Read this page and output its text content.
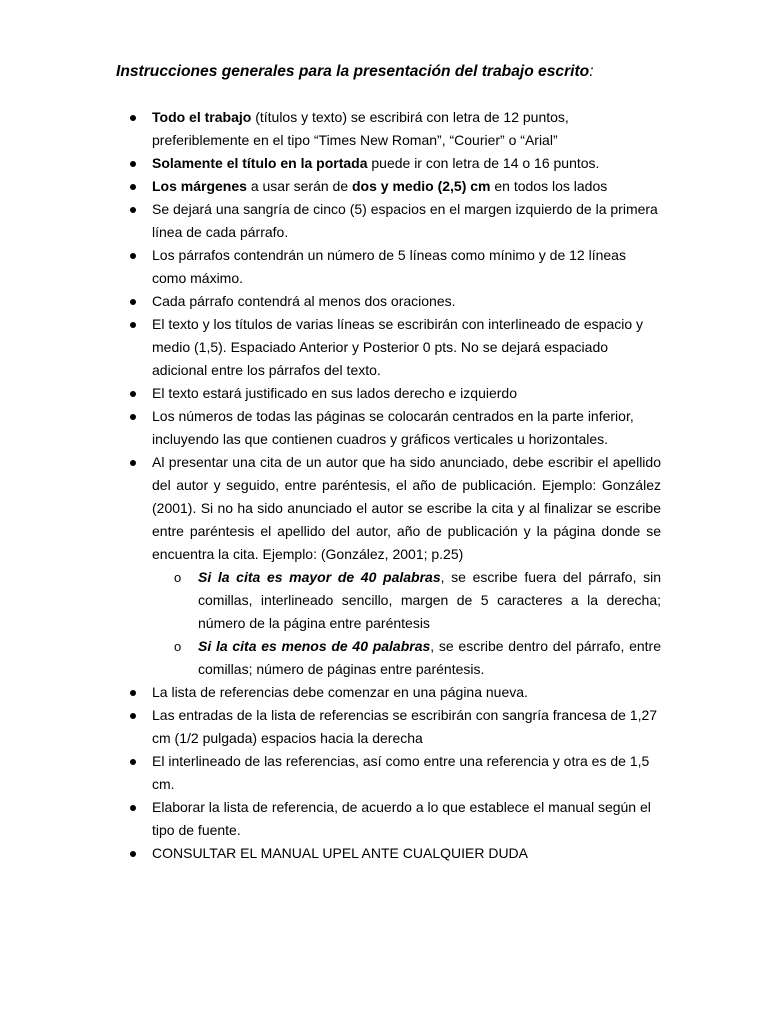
Instrucciones generales para la presentación del trabajo escrito:
Todo el trabajo (títulos y texto) se escribirá con letra de 12 puntos, preferiblemente en el tipo “Times New Roman”, “Courier” o “Arial”
Solamente el título en la portada puede ir con letra de 14 o 16 puntos.
Los márgenes a usar serán de dos y medio (2,5) cm en todos los lados
Se dejará una sangría de cinco (5) espacios en el margen izquierdo de la primera línea de cada párrafo.
Los párrafos contendrán un número de 5 líneas como mínimo y de 12 líneas como máximo.
Cada párrafo contendrá al menos dos oraciones.
El texto y los títulos de varias líneas se escribirán con interlineado de espacio y medio (1,5). Espaciado Anterior y Posterior 0 pts. No se dejará espaciado adicional entre los párrafos del texto.
El texto estará justificado en sus lados derecho e izquierdo
Los números de todas las páginas se colocarán centrados en la parte inferior, incluyendo las que contienen cuadros y gráficos verticales u horizontales.
Al presentar una cita de un autor que ha sido anunciado, debe escribir el apellido del autor y seguido, entre paréntesis, el año de publicación. Ejemplo: González (2001). Si no ha sido anunciado el autor se escribe la cita y al finalizar se escribe entre paréntesis el apellido del autor, año de publicación y la página donde se encuentra la cita. Ejemplo: (González, 2001; p.25)
o Si la cita es mayor de 40 palabras, se escribe fuera del párrafo, sin comillas, interlineado sencillo, margen de 5 caracteres a la derecha; número de la página entre paréntesis
o Si la cita es menos de 40 palabras, se escribe dentro del párrafo, entre comillas; número de páginas entre paréntesis.
La lista de referencias debe comenzar en una página nueva.
Las entradas de la lista de referencias se escribirán con sangría francesa de 1,27 cm (1/2 pulgada) espacios hacia la derecha
El interlineado de las referencias, así como entre una referencia y otra es de 1,5 cm.
Elaborar la lista de referencia, de acuerdo a lo que establece el manual según el tipo de fuente.
CONSULTAR EL MANUAL UPEL ANTE CUALQUIER DUDA
